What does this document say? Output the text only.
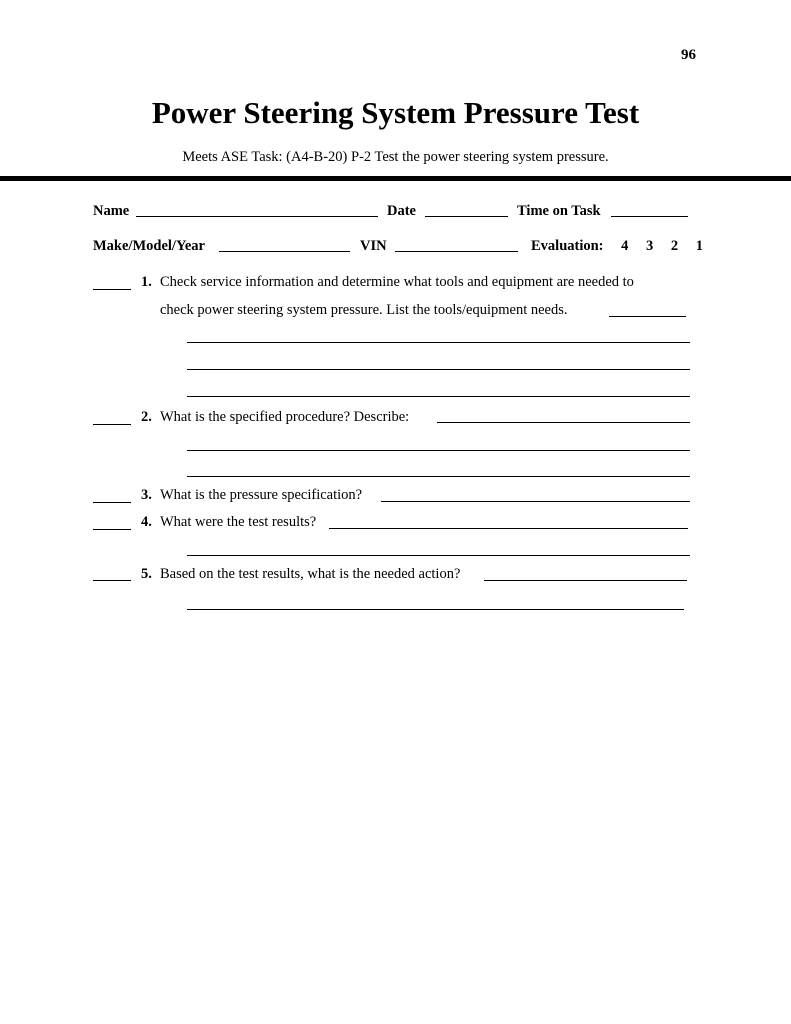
96
Power Steering System Pressure Test
Meets ASE Task: (A4-B-20) P-2 Test the power steering system pressure.
Name	Date	Time on Task
Make/Model/Year	VIN	Evaluation: 4 3 2 1
1. Check service information and determine what tools and equipment are needed to
check power steering system pressure. List the tools/equipment needs.
2. What is the specified procedure? Describe:
3. What is the pressure specification?
4. What were the test results?
5. Based on the test results, what is the needed action?
